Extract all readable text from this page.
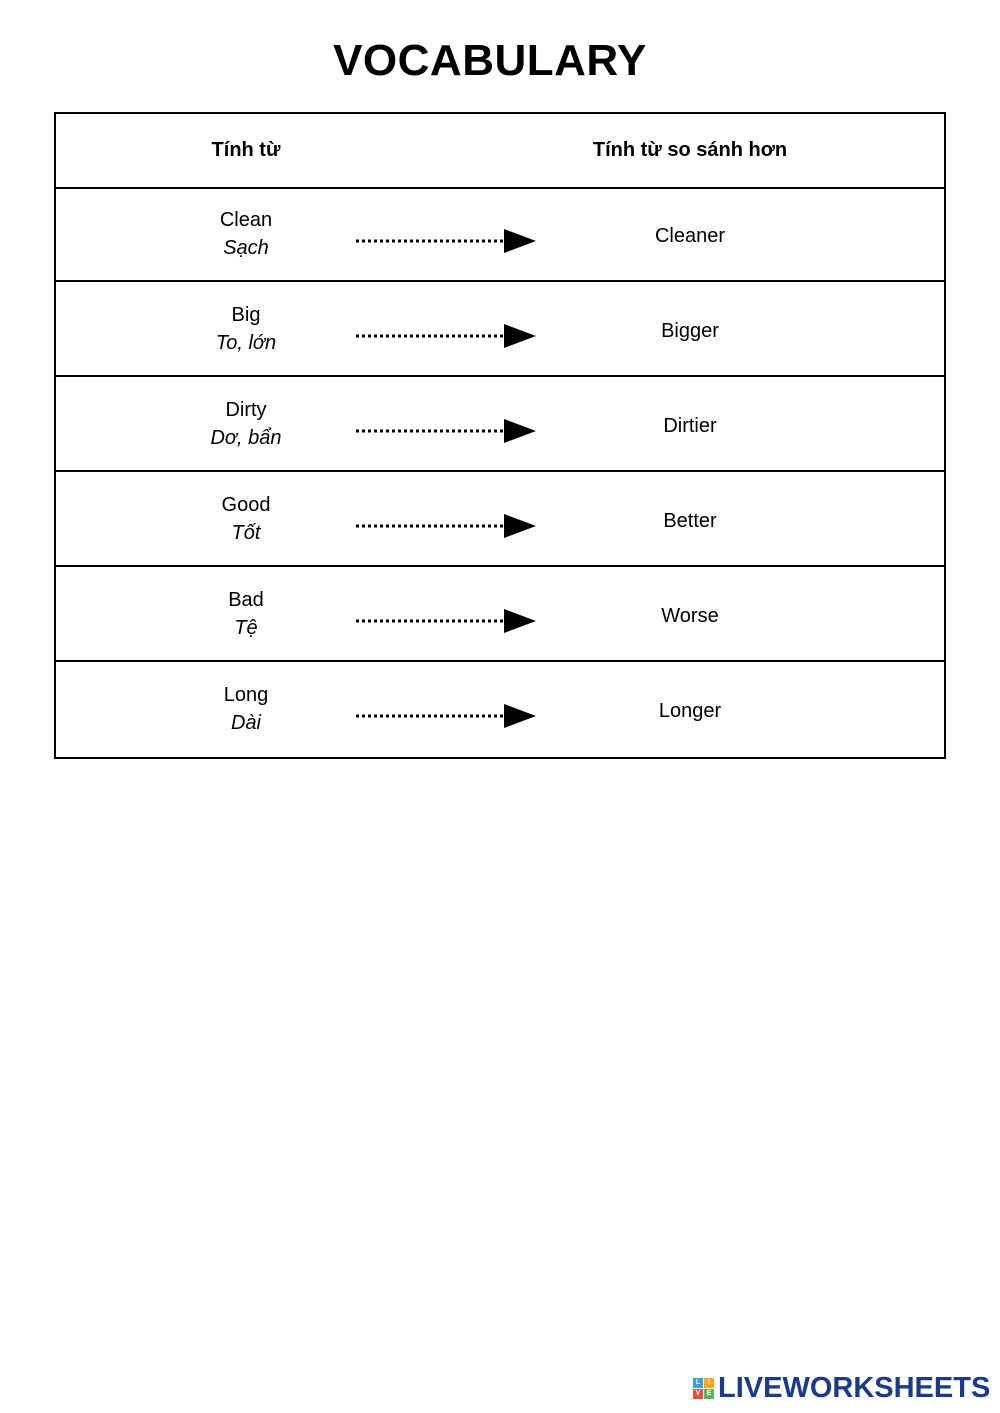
VOCABULARY
Tính từ	Tính từ so sánh hơn
Clean
Sạch
Cleaner
Big
To, lớn
Bigger
Dirty
Dơ, bẩn
Dirtier
Good
Tốt
Better
Bad
Tệ
Worse
Long
Dài
Longer
L	I
V E LIVEWORKSHEETS
